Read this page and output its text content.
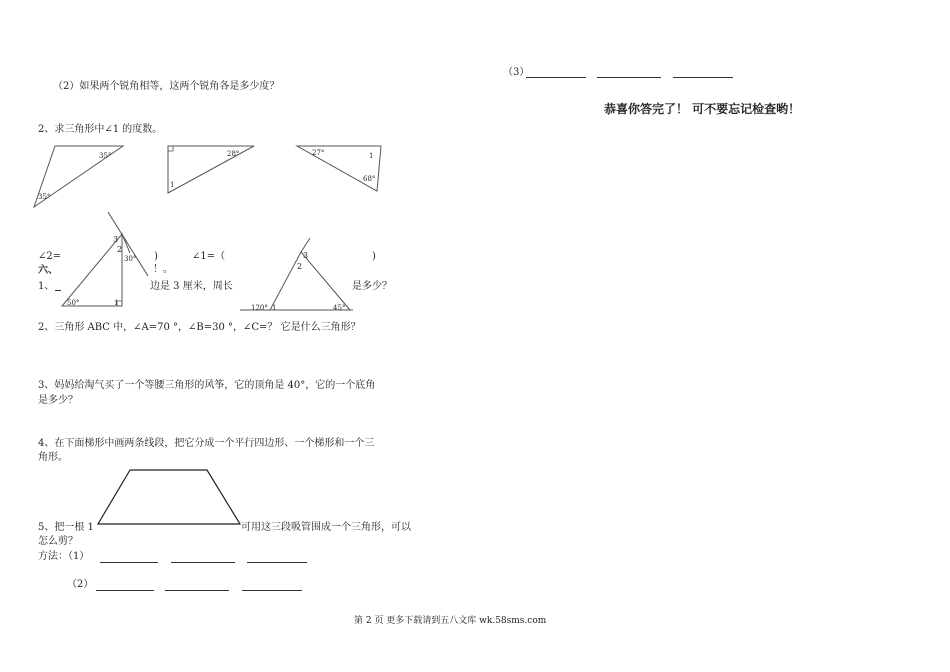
35°
35°
28°
1
27°	1
68°
3
2
30°
50°	1
3
2
120° 1	45°
（2）如果两个锐角相等，这两个锐角各是多少度？
2、求三角形中∠1 的度数。
∠2=	)	∠1=（	)
！。
六、
1、	边是 3 厘米，周长	是多少？
2、三角形 ABC 中，∠A=70 °，∠B=30 °，∠C=？ 它是什么三角形？
3、妈妈给淘气买了一个等腰三角形的风筝，它的顶角是 40°，它的一个底角
是多少？
4、在下面梯形中画两条线段，把它分成一个平行四边形、一个梯形和一个三
角形。
5、把一根 1	可用这三段吸管围成一个三角形，可以
怎么剪？
方法：（1）
（2）
（3）
恭喜你答完了！ 可不要忘记检查哟！
第 2 页 更多下载请到五八文库 wk.58sms.com
